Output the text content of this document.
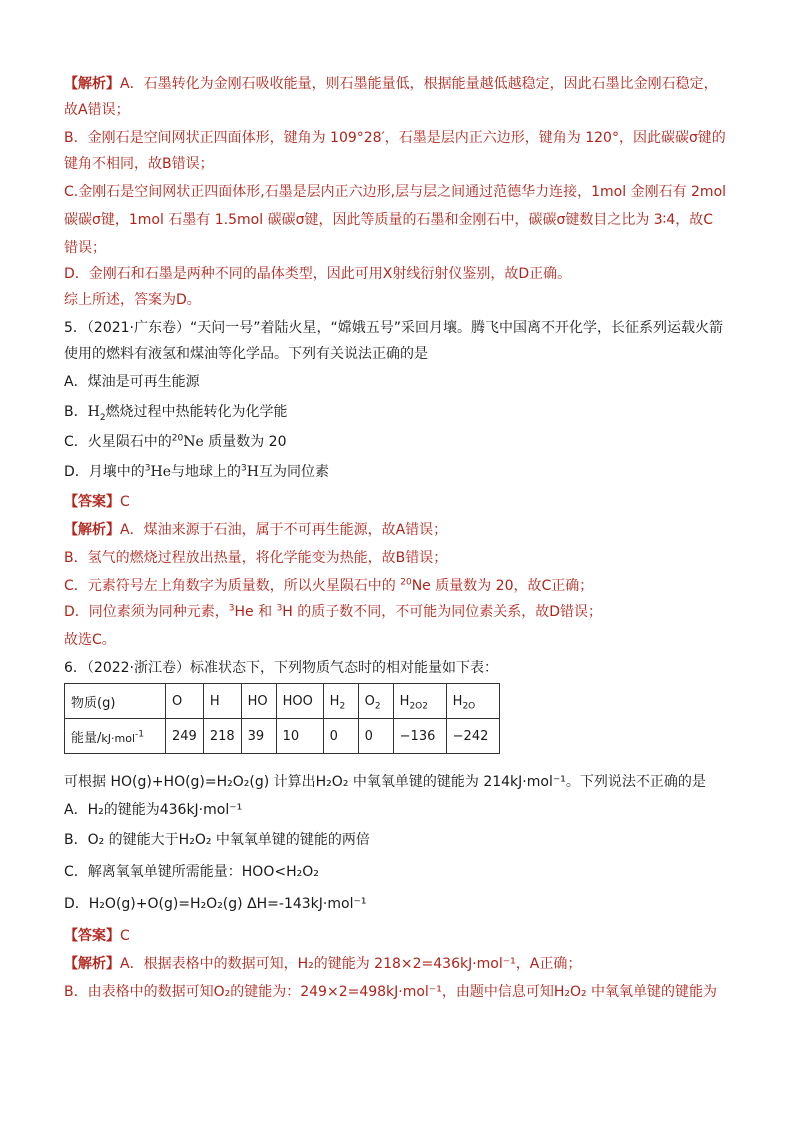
【解析】A．石墨转化为金刚石吸收能量，则石墨能量低，根据能量越低越稳定，因此石墨比金刚石稳定，
故A错误；
B．金刚石是空间网状正四面体形，键角为 109°28′，石墨是层内正六边形，键角为 120°，因此碳碳σ键的
键角不相同，故B错误；
C.金刚石是空间网状正四面体形,石墨是层内正六边形,层与层之间通过范德华力连接，1mol 金刚石有 2mol
碳碳σ键，1mol 石墨有 1.5mol 碳碳σ键，因此等质量的石墨和金刚石中，碳碳σ键数目之比为 3∶4，故C
错误；
D．金刚石和石墨是两种不同的晶体类型，因此可用X射线衍射仪鉴别，故D正确。
综上所述，答案为D。
5．（2021·广东卷）“天问一号”着陆火星，“嫦娥五号”采回月壤。腾飞中国离不开化学，长征系列运载火箭
使用的燃料有液氢和煤油等化学品。下列有关说法正确的是
A．煤油是可再生能源
B．$H_2$燃烧过程中热能转化为化学能
C．火星陨石中的$^{20}$Ne 质量数为 20
D．月壤中的$^3$He与地球上的$^3$H互为同位素
【答案】C
【解析】A．煤油来源于石油，属于不可再生能源，故A错误；
B．氢气的燃烧过程放出热量，将化学能变为热能，故B错误；
C．元素符号左上角数字为质量数，所以火星陨石中的 $^{20}$Ne 质量数为 20，故C正确；
D．同位素须为同种元素，$^3$He 和 $^3$H 的质子数不同，不可能为同位素关系，故D错误；
故选C。
6．（2022·浙江卷）标准状态下，下列物质气态时的相对能量如下表：
物质(g)	O	H	HO	HOO	$H_2$	$O_2$	$H_{2O2}$	$H_{2O}$
能量/kJ·mol$^{-1}$	249	218	39	10	0	0	−136	−242
可根据 HO(g)+HO(g)=H₂O₂(g) 计算出H₂O₂ 中氧氧单键的键能为 214kJ·mol⁻¹。下列说法不正确的是
A．H₂的键能为436kJ·mol⁻¹
B．O₂ 的键能大于H₂O₂ 中氧氧单键的键能的两倍
C．解离氧氧单键所需能量：HOO<H₂O₂
D．H₂O(g)+O(g)=H₂O₂(g) ΔH=-143kJ·mol⁻¹
【答案】C
【解析】A．根据表格中的数据可知，H₂的键能为 218×2=436kJ·mol⁻¹，A正确；
B．由表格中的数据可知O₂的键能为：249×2=498kJ·mol⁻¹，由题中信息可知H₂O₂ 中氧氧单键的键能为
